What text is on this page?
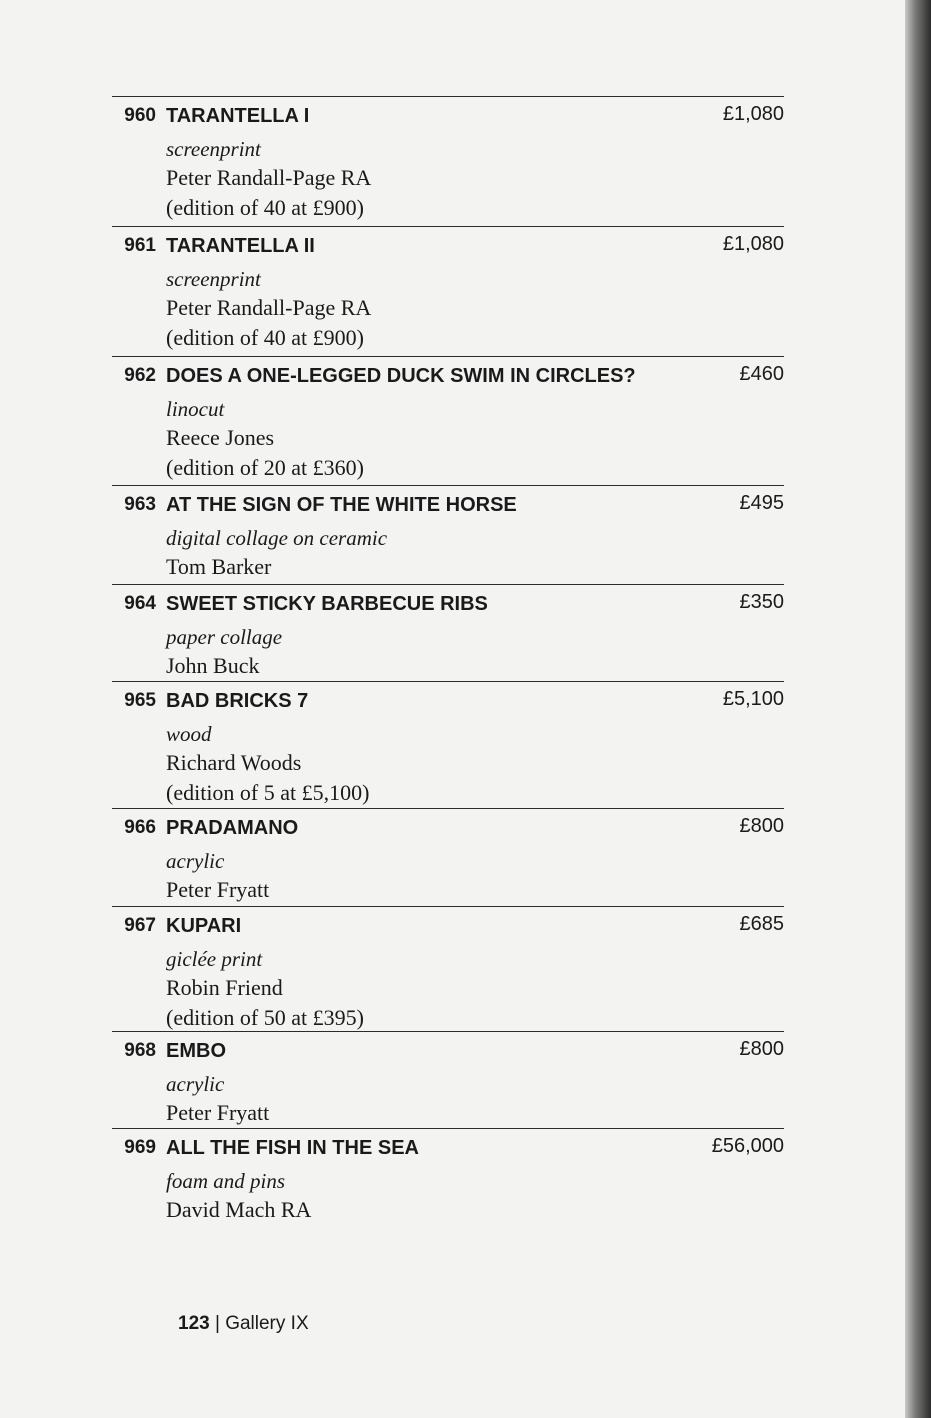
960 TARANTELLA I	£1,080
screenprint
Peter Randall-Page RA
(edition of 40 at £900)
961 TARANTELLA II	£1,080
screenprint
Peter Randall-Page RA
(edition of 40 at £900)
962 DOES A ONE-LEGGED DUCK SWIM IN CIRCLES?	£460
linocut
Reece Jones
(edition of 20 at £360)
963 AT THE SIGN OF THE WHITE HORSE	£495
digital collage on ceramic
Tom Barker
964 SWEET STICKY BARBECUE RIBS	£350
paper collage
John Buck
965 BAD BRICKS 7	£5,100
wood
Richard Woods
(edition of 5 at £5,100)
966 PRADAMANO	£800
acrylic
Peter Fryatt
967 KUPARI	£685
giclée print
Robin Friend
(edition of 50 at £395)
968 EMBO	£800
acrylic
Peter Fryatt
969 ALL THE FISH IN THE SEA	£56,000
foam and pins
David Mach RA
123 | Gallery IX
